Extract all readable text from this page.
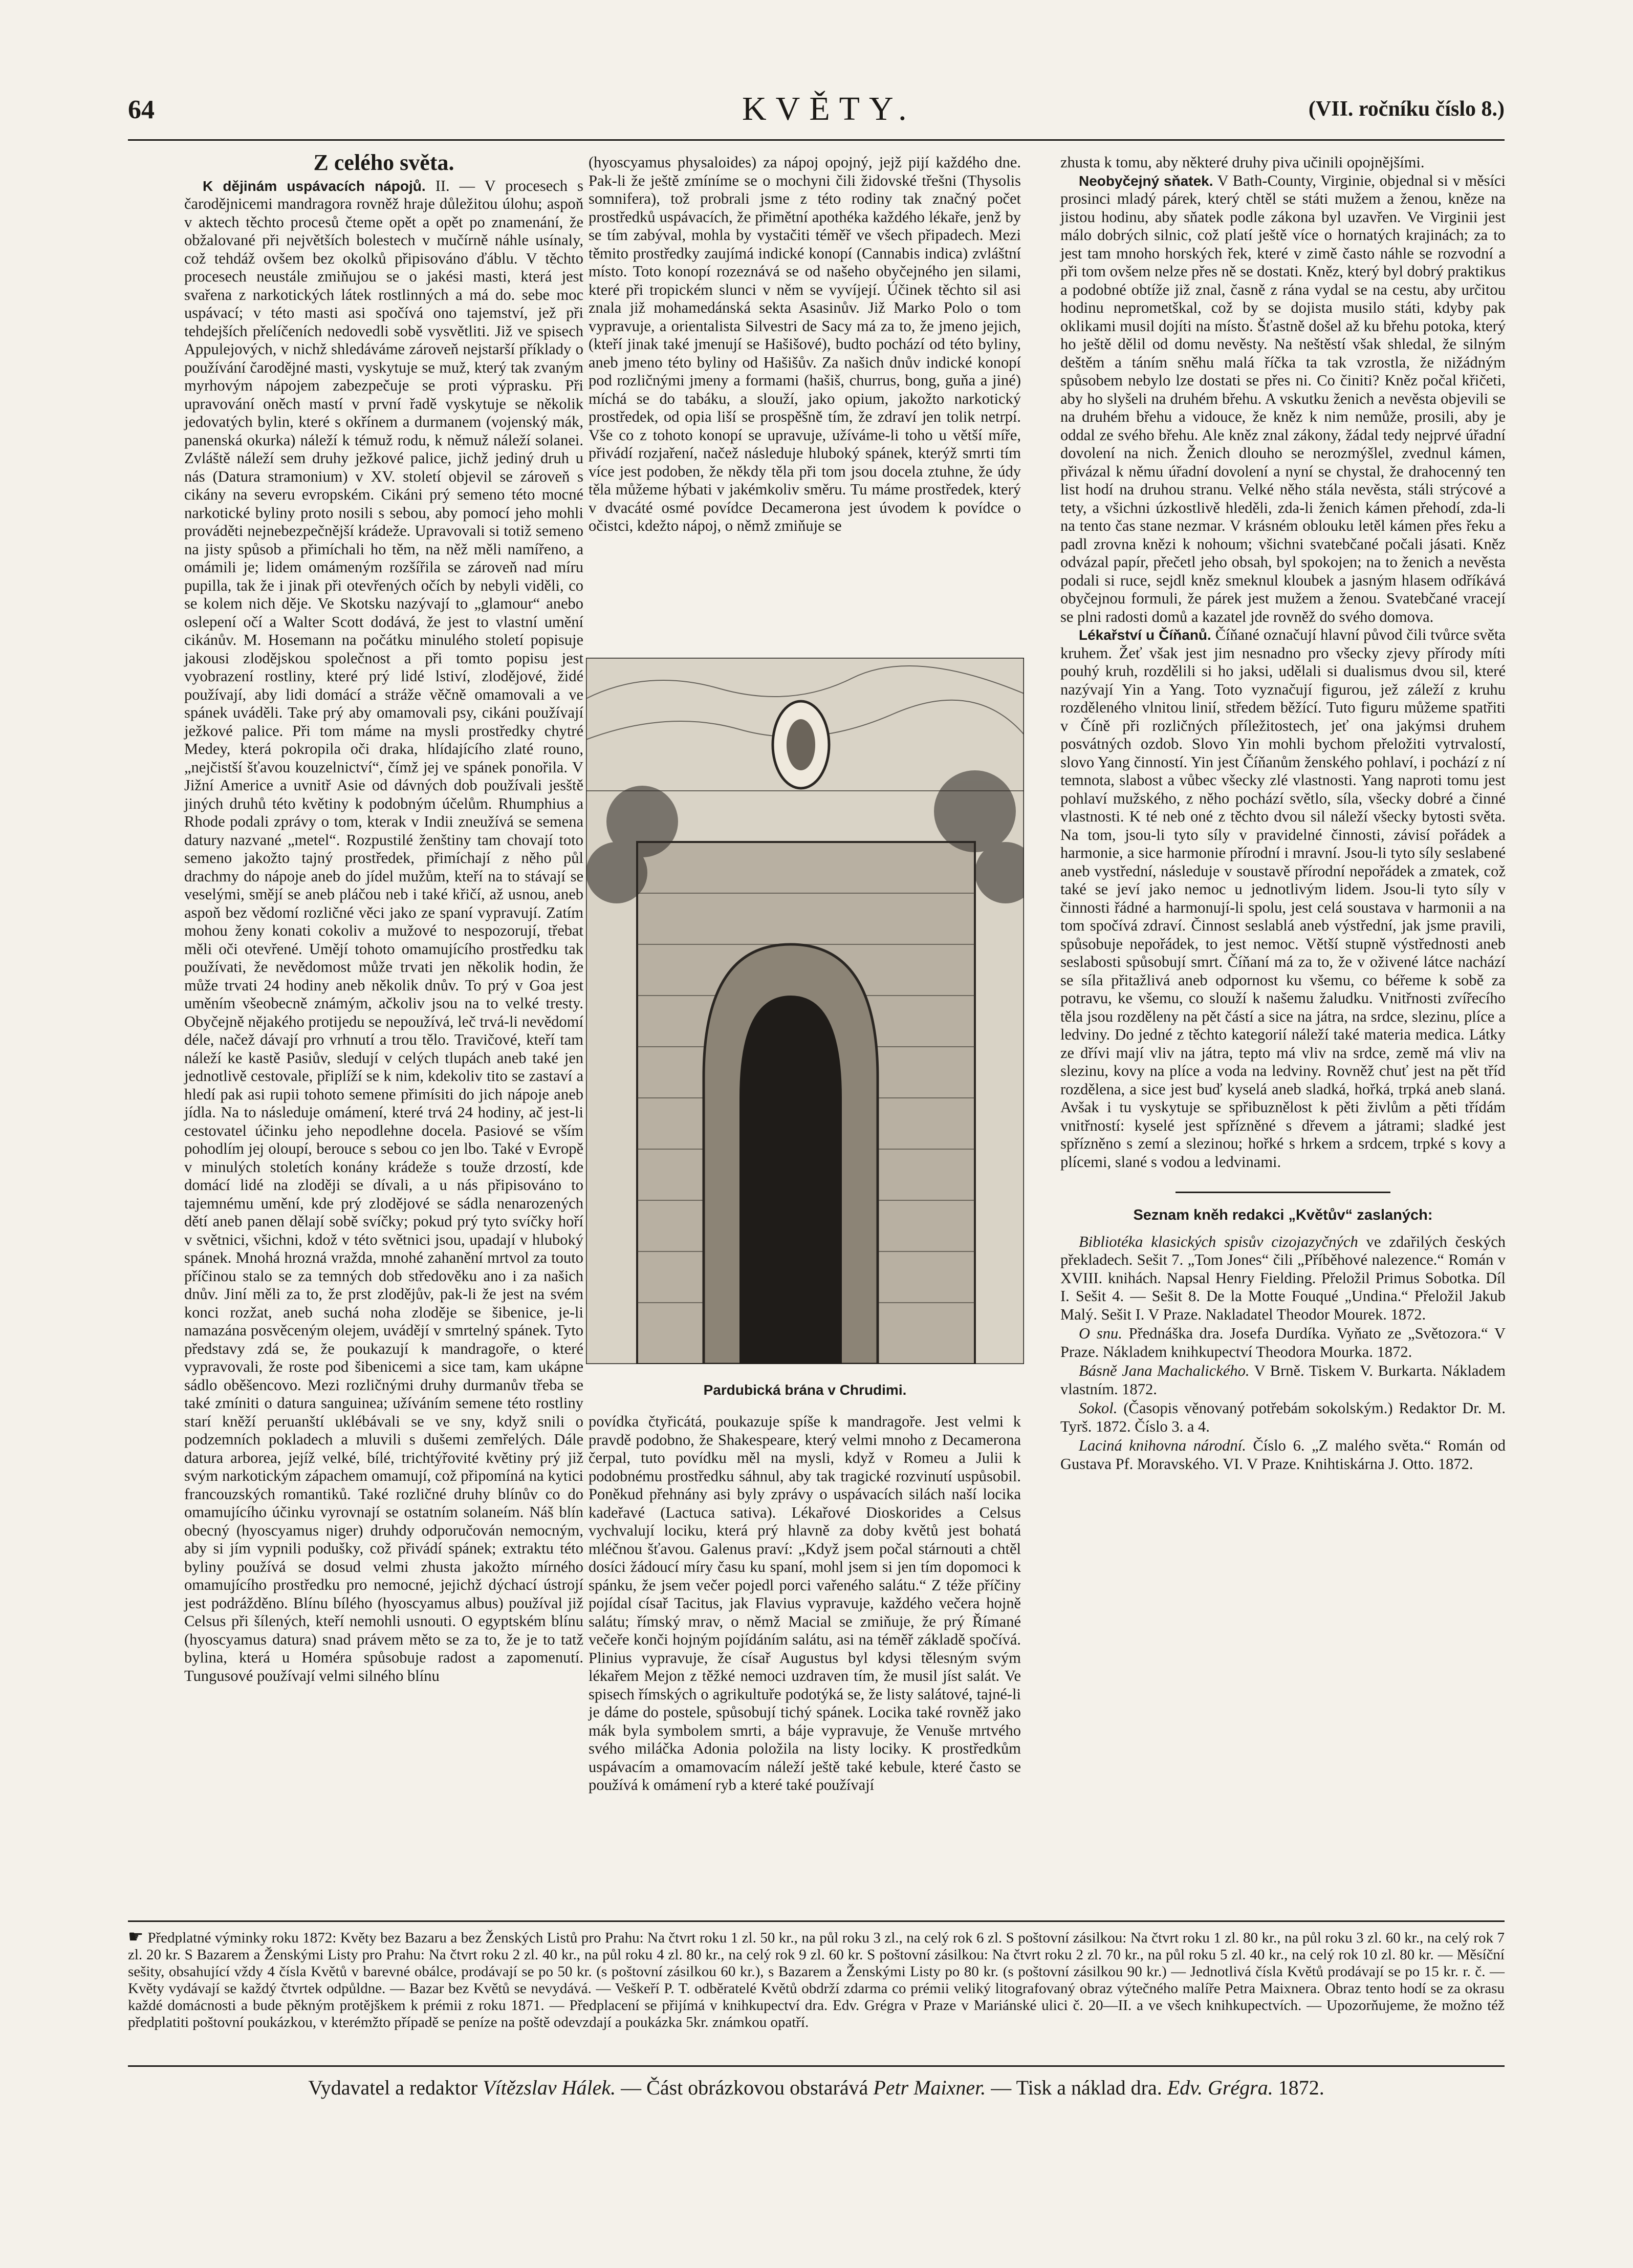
64	KVĚTY.	(VII. ročníku číslo 8.)
Z celého světa.

K dějinám uspávacích nápojů. II. — V procesech s čarodějnicemi mandragora rovněž hraje důležitou úlohu; aspoň v aktech těchto procesů čteme opět a opět po znamenání, že obžalované při největších bolestech v mučírně náhle usínaly, což tehdáž ovšem bez okolků připisováno ďáblu. V těchto procesech neustále zmiňujou se o jakési masti, která jest svařena z narkotických látek rostlinných a má do. sebe moc uspávací; v této masti asi spočívá ono tajemství, jež při tehdejších přelíčeních nedovedli sobě vysvětliti. Již ve spisech Appulejových, v nichž shledáváme zároveň nejstarší příklady o používání čarodějné masti, vyskytuje se muž, který tak zvaným myrhovým nápojem zabezpečuje se proti výprasku. Při upravování oněch mastí v první řadě vyskytuje se několik jedovatých bylin, které s okřínem a durmanem (vojenský mák, panenská okurka) náleží k témuž rodu, k němuž náleží solanei. Zvláště náleží sem druhy ježkové palice, jichž jediný druh u nás (Datura stramonium) v XV. století objevil se zároveň s cikány na severu evropském. Cikáni prý semeno této mocné narkotické byliny proto nosili s sebou, aby pomocí jeho mohli prováděti nejnebezpečnější krádeže. Upravovali si totiž semeno na jisty spůsob a přimíchali ho těm, na něž měli namířeno, a omámili je; lidem omámeným rozšířila se zároveň nad míru pupilla, tak že i jinak při otevřených očích by nebyli viděli, co se kolem nich děje. Ve Skotsku nazývají to „glamour“ anebo oslepení očí a Walter Scott dodává, že jest to vlastní umění cikánův. M. Hosemann na počátku minulého století popisuje jakousi zlodějskou společnost a při tomto popisu jest vyobrazení rostliny, které prý lidé lstiví, zlodějové, židé používají, aby lidi domácí a stráže věčně omamovali a ve spánek uváděli. Take prý aby omamovali psy, cikáni používají ježkové palice. Při tom máme na mysli prostředky chytré Medey, která pokropila oči draka, hlídajícího zlaté rouno, „nejčistší šťavou kouzelnictví“, čímž jej ve spánek ponořila. V Jižní Americe a uvnitř Asie od dávných dob používali jesště jiných druhů této květiny k podobným účelům. Rhumphius a Rhode podali zprávy o tom, kterak v Indii zneužívá se semena datury nazvané „metel“. Rozpustilé ženštiny tam chovají toto semeno jakožto tajný prostředek, přimíchají z něho půl drachmy do nápoje aneb do jídel mužům, kteří na to stávají se veselými, smějí se aneb pláčou neb i také křičí, až usnou, aneb aspoň bez vědomí rozličné věci jako ze spaní vypravují. Zatím mohou ženy konati cokoliv a mužové to nespozorují, třebat měli oči otevřené. Umějí tohoto omamujícího prostředku tak používati, že nevědomost může trvati jen několik hodin, že může trvati 24 hodiny aneb několik dnův. To prý v Goa jest uměním všeobecně známým, ačkoliv jsou na to velké tresty. Obyčejně nějakého protijedu se nepoužívá, leč trvá-li nevědomí déle, načež dávají pro vrhnutí a trou tělo. Travičové, kteří tam náleží ke kastě Pasiův, sledují v celých tlupách aneb také jen jednotlivě cestovale, připlíží se k nim, kdekoliv tito se zastaví a hledí pak asi rupii tohoto semene přimísiti do jich nápoje aneb jídla. Na to následuje omámení, které trvá 24 hodiny, ač jest-li cestovatel účinku jeho nepodlehne docela. Pasiové se vším pohodlím jej oloupí, berouce s sebou co jen lbo. Také v Evropě v minulých stoletích konány krádeže s touže drzostí, kde domácí lidé na zloději se dívali, a u nás připisováno to tajemnému umění, kde prý zlodějové se sádla nenarozených dětí aneb panen dělají sobě svíčky; pokud prý tyto svíčky hoří v světnici, všichni, kdož v této světnici jsou, upadají v hluboký spánek. Mnohá hrozná vražda, mnohé zahanění mrtvol za touto příčinou stalo se za temných dob středověku ano i za našich dnův. Jiní měli za to, že prst zlodějův, pak-li že jest na svém konci rozžat, aneb suchá noha zloděje se šibenice, je-li namazána posvěceným olejem, uvádějí v smrtelný spánek. Tyto představy zdá se, že poukazují k mandragoře, o které vypravovali, že roste pod šibenicemi a sice tam, kam ukápne sádlo oběšencovo. Mezi rozličnými druhy durmanův třeba se také zmíniti o datura sanguinea; užíváním semene této rostliny starí kněží peruanští uklébávali se ve sny, když snili o podzemních pokladech a mluvili s dušemi zemřelých. Dále datura arborea, jejíž velké, bílé, trichtýřovité květiny prý již svým narkotickým zápachem omamují, což připomíná na kytici francouzských romantiků. Také rozličné druhy blínův co do omamujícího účinku vyrovnají se ostatním solaneím. Náš blín obecný (hyoscyamus niger) druhdy odporučován nemocným, aby si jím vypnili podušky, což přivádí spánek; extraktu této byliny používá se dosud velmi zhusta jakožto mírného omamujícího prostředku pro nemocné, jejichž dýchací ústrojí jest podrážděno. Blínu bílého (hyoscyamus albus) používal již Celsus při šílených, kteří nemohli usnouti. O egyptském blínu (hyoscyamus datura) snad právem měto se za to, že je to tatž bylina, která u Homéra spůsobuje radost a zapomenutí. Tungusové používají velmi silného blínu

(hyoscyamus physaloides) za nápoj opojný, jejž pijí každého dne. Pak-li že ještě zmíníme se o mochyni čili židovské třešni (Thysolis somnifera), tož probrali jsme z této rodiny tak značný počet prostředků uspávacích, že přimětní apothéka každého lékaře, jenž by se tím zabýval, mohla by vystačiti téměř ve všech připadech. Mezi těmito prostředky zaujímá indické konopí (Cannabis indica) zvláštní místo. Toto konopí rozeznává se od našeho obyčejného jen silami, které při tropickém slunci v něm se vyvíjejí. Účinek těchto sil asi znala již mohamedánská sekta Asasinův. Již Marko Polo o tom vypravuje, a orientalista Silvestri de Sacy má za to, že jmeno jejich, (kteří jinak také jmenují se Hašišové), budto pochází od této byliny, aneb jmeno této byliny od Hašišův. Za našich dnův indické konopí pod rozličnými jmeny a formami (hašiš, churrus, bong, guňa a jiné) míchá se do tabáku, a slouží, jako opium, jakožto narkotický prostředek, od opia liší se prospěšně tím, že zdraví jen tolik netrpí. Vše co z tohoto konopí se upravuje, užíváme-li toho u větší míře, přivádí rozjaření, načež následuje hluboký spánek, kterýž smrti tím více jest podoben, že někdy těla při tom jsou docela ztuhne, že údy těla můžeme hýbati v jakémkoliv směru. Tu máme prostředek, který v dvacáté osmé povídce Decamerona jest úvodem k povídce o očistci, kdežto nápoj, o němž zmiňuje se

Pardubická brána v Chrudimi.

povídka čtyřicátá, poukazuje spíše k mandragoře. Jest velmi k pravdě podobno, že Shakespeare, který velmi mnoho z Decamerona čerpal, tuto povídku měl na mysli, když v Romeu a Julii k podobnému prostředku sáhnul, aby tak tragické rozvinutí uspůsobil. Poněkud přehnány asi byly zprávy o uspávacích silách naší locika kadeřavé (Lactuca sativa). Lékařové Dioskorides a Celsus vychvalují lociku, která prý hlavně za doby květů jest bohatá mléčnou šťavou. Galenus praví: „Když jsem počal stárnouti a chtěl dosíci žádoucí míry času ku spaní, mohl jsem si jen tím dopomoci k spánku, že jsem večer pojedl porci vařeného salátu.“ Z téže příčiny pojídal císař Tacitus, jak Flavius vypravuje, každého večera hojně salátu; římský mrav, o němž Macial se zmiňuje, že prý Římané večeře konči hojným pojídáním salátu, asi na téměř základě spočívá. Plinius vypravuje, že císař Augustus byl kdysi tělesným svým lékařem Mejon z těžké nemoci uzdraven tím, že musil jíst salát. Ve spisech římských o agrikultuře podotýká se, že listy salátové, tajné-li je dáme do postele, spůsobují tichý spánek. Locika také rovněž jako mák byla symbolem smrti, a báje vypravuje, že Venuše mrtvého svého miláčka Adonia položila na listy lociky. K prostředkům uspávacím a omamovacím náleží ještě také kebule, které často se používá k omámení ryb a které také používají

zhusta k tomu, aby některé druhy piva učinili opojnějšími.

Neobyčejný sňatek. V Bath-County, Virginie, objednal si v měsíci prosinci mladý párek, který chtěl se státi mužem a ženou, kněze na jistou hodinu, aby sňatek podle zákona byl uzavřen. Ve Virginii jest málo dobrých silnic, což platí ještě více o hornatých krajinách; za to jest tam mnoho horských řek, které v zimě často náhle se rozvodní a při tom ovšem nelze přes ně se dostati. Kněz, který byl dobrý praktikus a podobné obtíže již znal, časně z rána vydal se na cestu, aby určitou hodinu neprometškal, což by se dojista musilo státi, kdyby pak oklikami musil dojíti na místo. Šťastně došel až ku břehu potoka, který ho ještě dělil od domu nevěsty. Na neštěstí však shledal, že silným deštěm a táním sněhu malá říčka ta tak vzrostla, že nižádným spůsobem nebylo lze dostati se přes ni. Co činiti? Kněz počal křičeti, aby ho slyšeli na druhém břehu. A vskutku ženich a nevěsta objevili se na druhém břehu a vidouce, že kněz k nim nemůže, prosili, aby je oddal ze svého břehu. Ale kněz znal zákony, žádal tedy nejprvé úřadní dovolení na nich. Ženich dlouho se nerozmýšlel, zvednul kámen, přivázal k němu úřadní dovolení a nyní se chystal, že drahocenný ten list hodí na druhou stranu. Velké něho stála nevěsta, stáli strýcové a tety, a všichni úzkostlivě hleděli, zda-li ženich kámen přehodí, zda-li na tento čas stane nezmar. V krásném oblouku letěl kámen přes řeku a padl zrovna knězi k nohoum; všichni svatebčané počali jásati. Kněz odvázal papír, přečetl jeho obsah, byl spokojen; na to ženich a nevěsta podali si ruce, sejdl kněz smeknul kloubek a jasným hlasem odříkává obyčejnou formuli, že párek jest mužem a ženou. Svatebčané vracejí se plni radosti domů a kazatel jde rovněž do svého domova.

Lékařství u Číňanů. Číňané označují hlavní původ čili tvůrce světa kruhem. Žeť však jest jim nesnadno pro všecky zjevy přírody míti pouhý kruh, rozdělili si ho jaksi, udělali si dualismus dvou sil, které nazývají Yin a Yang. Toto vyznačují figurou, jež záleží z kruhu rozděleného vlnitou linií, středem běžící. Tuto figuru můžeme spatřiti v Číně při rozličných příležitostech, jeť ona jakýmsi druhem posvátných ozdob. Slovo Yin mohli bychom přeložiti vytrvalostí, slovo Yang činností. Yin jest Číňanům ženského pohlaví, i pochází z ní temnota, slabost a vůbec všecky zlé vlastnosti. Yang naproti tomu jest pohlaví mužského, z něho pochází světlo, síla, všecky dobré a činné vlastnosti. K té neb oné z těchto dvou sil náleží všecky bytosti světa. Na tom, jsou-li tyto síly v pravidelné činnosti, závisí pořádek a harmonie, a sice harmonie přírodní i mravní. Jsou-li tyto síly seslabené aneb vystřední, následuje v soustavě přírodní nepořádek a zmatek, což také se jeví jako nemoc u jednotlivým lidem. Jsou-li tyto síly v činnosti řádné a harmonují-li spolu, jest celá soustava v harmonii a na tom spočívá zdraví. Činnost seslablá aneb výstřední, jak jsme pravili, spůsobuje nepořádek, to jest nemoc. Větší stupně výstřednosti aneb seslabosti spůsobují smrt. Číňaní má za to, že v oživené látce nachází se síla přitažlivá aneb odpornost ku všemu, co béřeme k sobě za potravu, ke všemu, co slouží k našemu žaludku. Vnitřnosti zvířecího těla jsou rozděleny na pět částí a sice na játra, na srdce, slezinu, plíce a ledviny. Do jedné z těchto kategorií náleží také materia medica. Látky ze dřívi mají vliv na játra, tepto má vliv na srdce, země má vliv na slezinu, kovy na plíce a voda na ledviny. Rovněž chuť jest na pět tříd rozdělena, a sice jest buď kyselá aneb sladká, hořká, trpká aneb slaná. Avšak i tu vyskytuje se spřibuznělost k pěti živlům a pěti třídám vnitřností: kyselé jest spřízněné s dřevem a játrami; sladké jest spřízněno s zemí a slezinou; hořké s hrkem a srdcem, trpké s kovy a plícemi, slané s vodou a ledvinami.

Seznam kněh redakci „Květův“ zaslaných:
Bibliotéka klasických spisův cizojazyčných ve zdařilých českých překladech. Sešit 7. „Tom Jones“ čili „Příběhové nalezence.“ Román v XVIII. knihách. Napsal Henry Fielding. Přeložil Primus Sobotka. Díl I. Sešit 4. — Sešit 8. De la Motte Fouqué „Undina.“ Přeložil Jakub Malý. Sešit I. V Praze. Nakladatel Theodor Mourek. 1872.
O snu. Přednáška dra. Josefa Durdíka. Vyňato ze „Světozora.“ V Praze. Nákladem knihkupectví Theodora Mourka. 1872.
Básně Jana Machalického. V Brně. Tiskem V. Burkarta. Nákladem vlastním. 1872.
Sokol. (Časopis věnovaný potřebám sokolským.) Redaktor Dr. M. Tyrš. 1872. Číslo 3. a 4.
Laciná knihovna národní. Číslo 6. „Z malého světa.“ Román od Gustava Pf. Moravského. VI. V Praze. Knihtiskárna J. Otto. 1872.
☛ Předplatné výminky roku 1872: Květy bez Bazaru a bez Ženských Listů pro Prahu: Na čtvrt roku 1 zl. 50 kr., na půl roku 3 zl., na celý rok 6 zl. S poštovní zásilkou: Na čtvrt roku 1 zl. 80 kr., na půl roku 3 zl. 60 kr., na celý rok 7 zl. 20 kr. S Bazarem a Ženskými Listy pro Prahu: Na čtvrt roku 2 zl. 40 kr., na půl roku 4 zl. 80 kr., na celý rok 9 zl. 60 kr. S poštovní zásilkou: Na čtvrt roku 2 zl. 70 kr., na půl roku 5 zl. 40 kr., na celý rok 10 zl. 80 kr. — Měsíční sešity, obsahující vždy 4 čísla Květů v barevné obálce, prodávají se po 50 kr. (s poštovní zásilkou 60 kr.), s Bazarem a Ženskými Listy po 80 kr. (s poštovní zásilkou 90 kr.) — Jednotlivá čísla Květů prodávají se po 15 kr. r. č. — Květy vydávají se každý čtvrtek odpůldne. — Bazar bez Květů se nevydává. — Veškeří P. T. odběratelé Květů obdrží zdarma co prémii veliký litografovaný obraz výtečného malíře Petra Maixnera. Obraz tento hodí se za okrasu každé domácnosti a bude pěkným protějškem k prémii z roku 1871. — Předplacení se přijímá v knihkupectví dra. Edv. Grégra v Praze v Mariánské ulici č. 20—II. a ve všech knihkupectvích. — Upozorňujeme, že možno též předplatiti poštovní poukázkou, v kterémžto případě se peníze na poště odevzdají a poukázka 5kr. známkou opatří.
Vydavatel a redaktor Vítězslav Hálek. — Část obrázkovou obstarává Petr Maixner. — Tisk a náklad dra. Edv. Grégra. 1872.
